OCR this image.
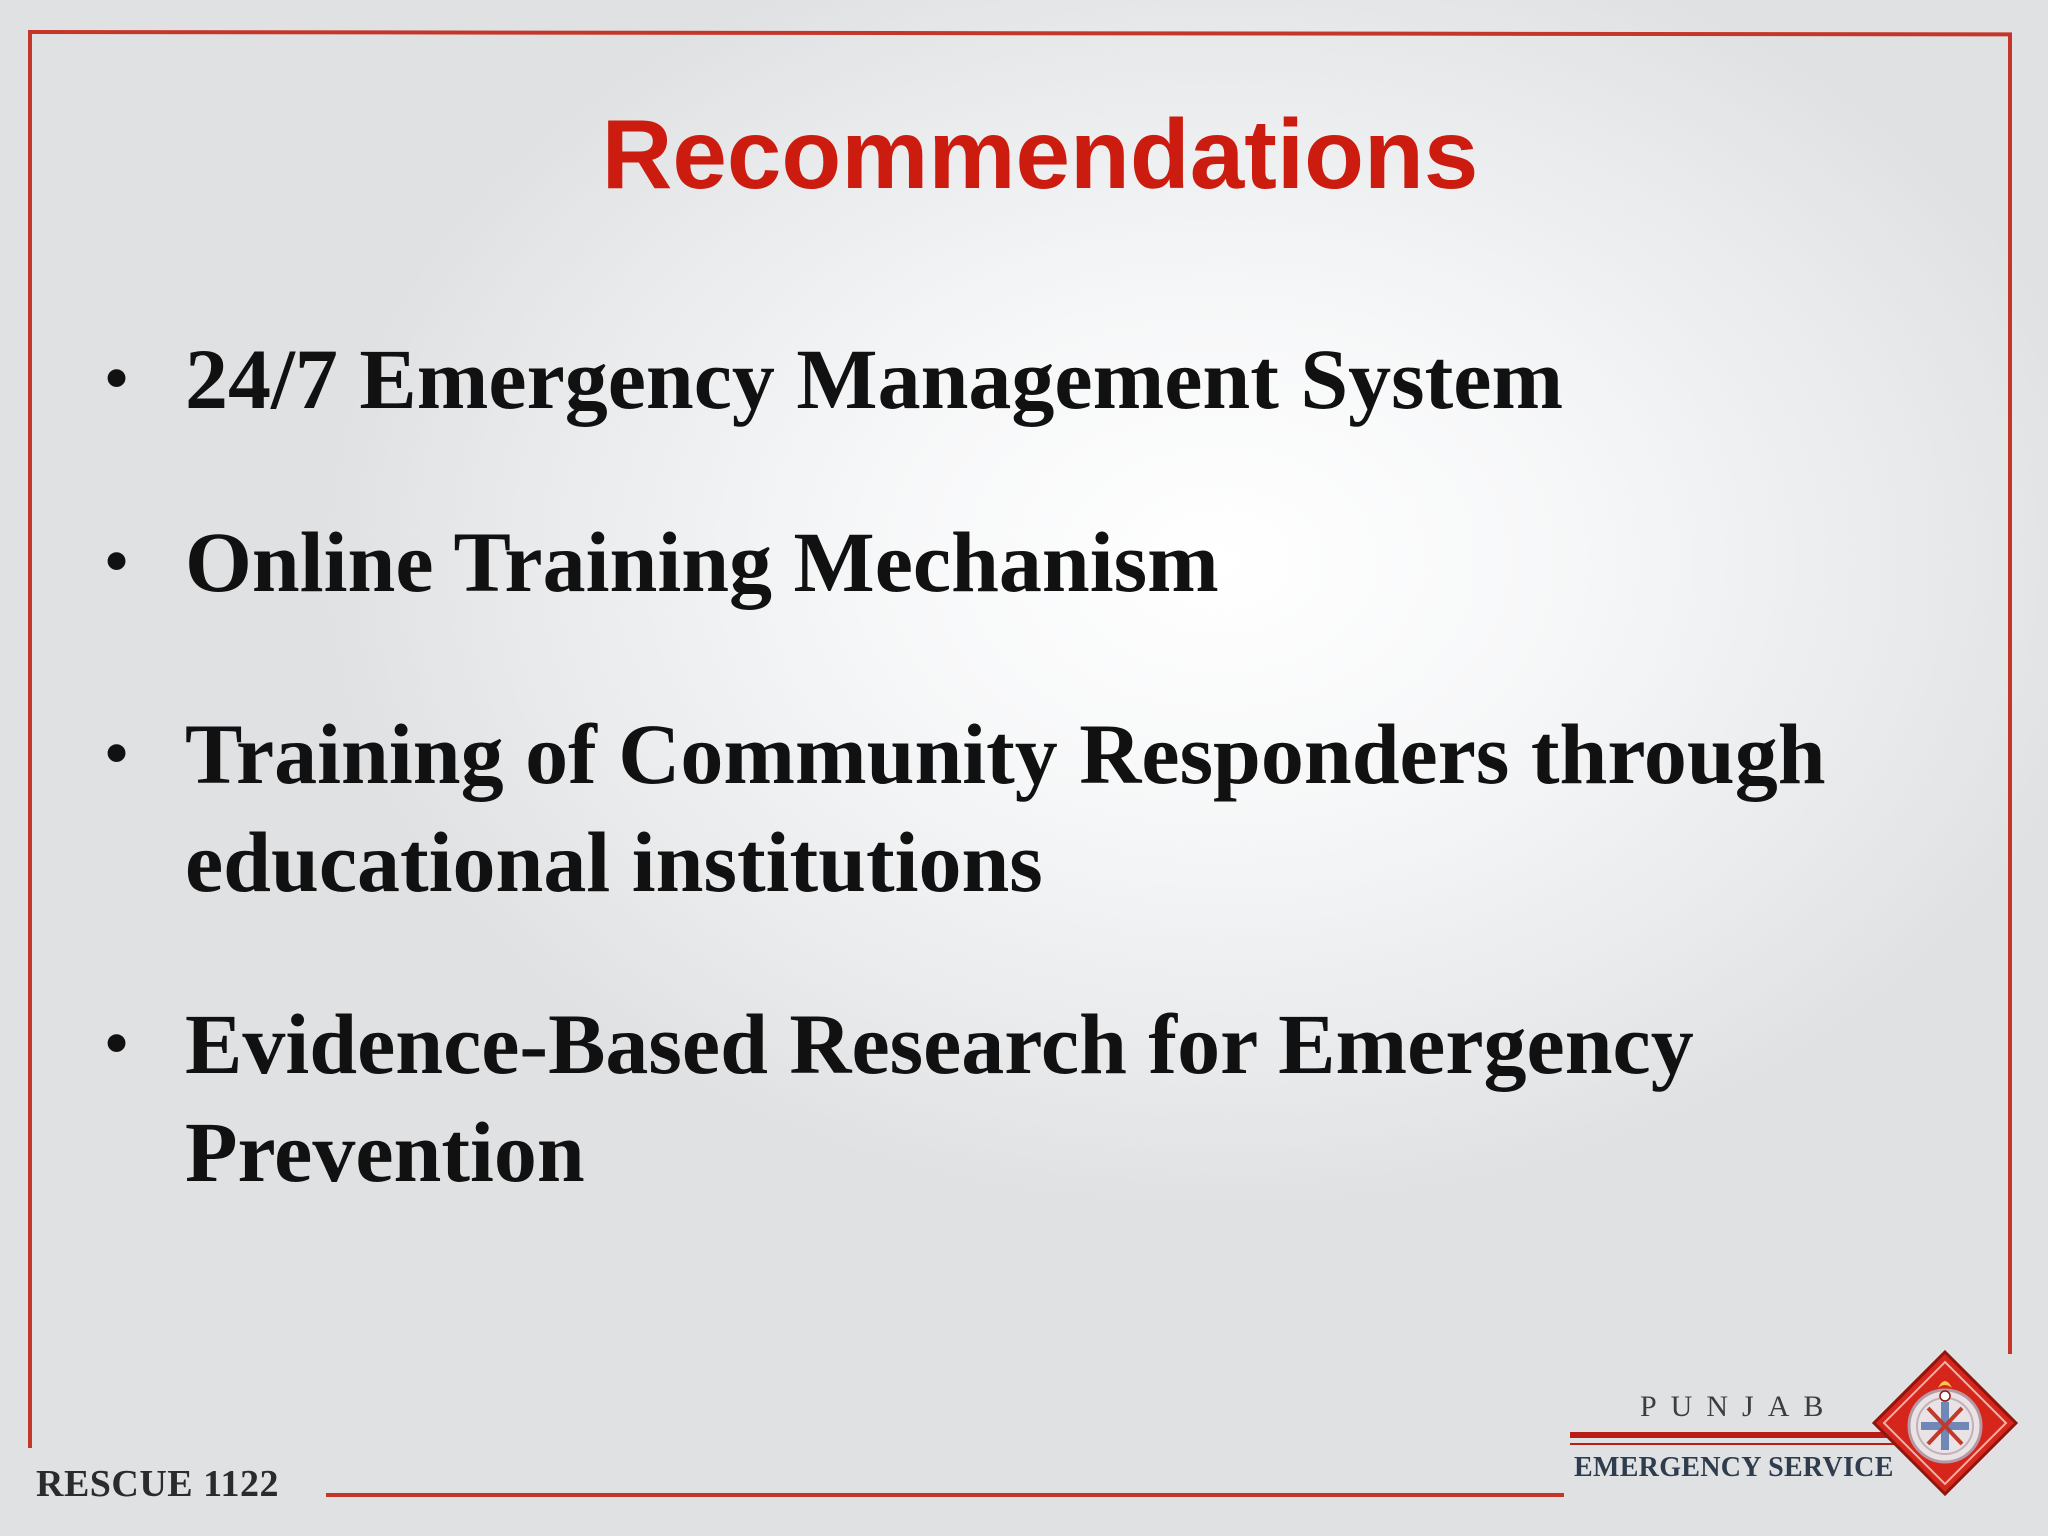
Recommendations
• 24/7 Emergency Management System
• Online Training Mechanism
• Training of Community Responders through educational institutions
• Evidence-Based Research for Emergency Prevention
RESCUE 1122
PUNJAB
EMERGENCY SERVICE
